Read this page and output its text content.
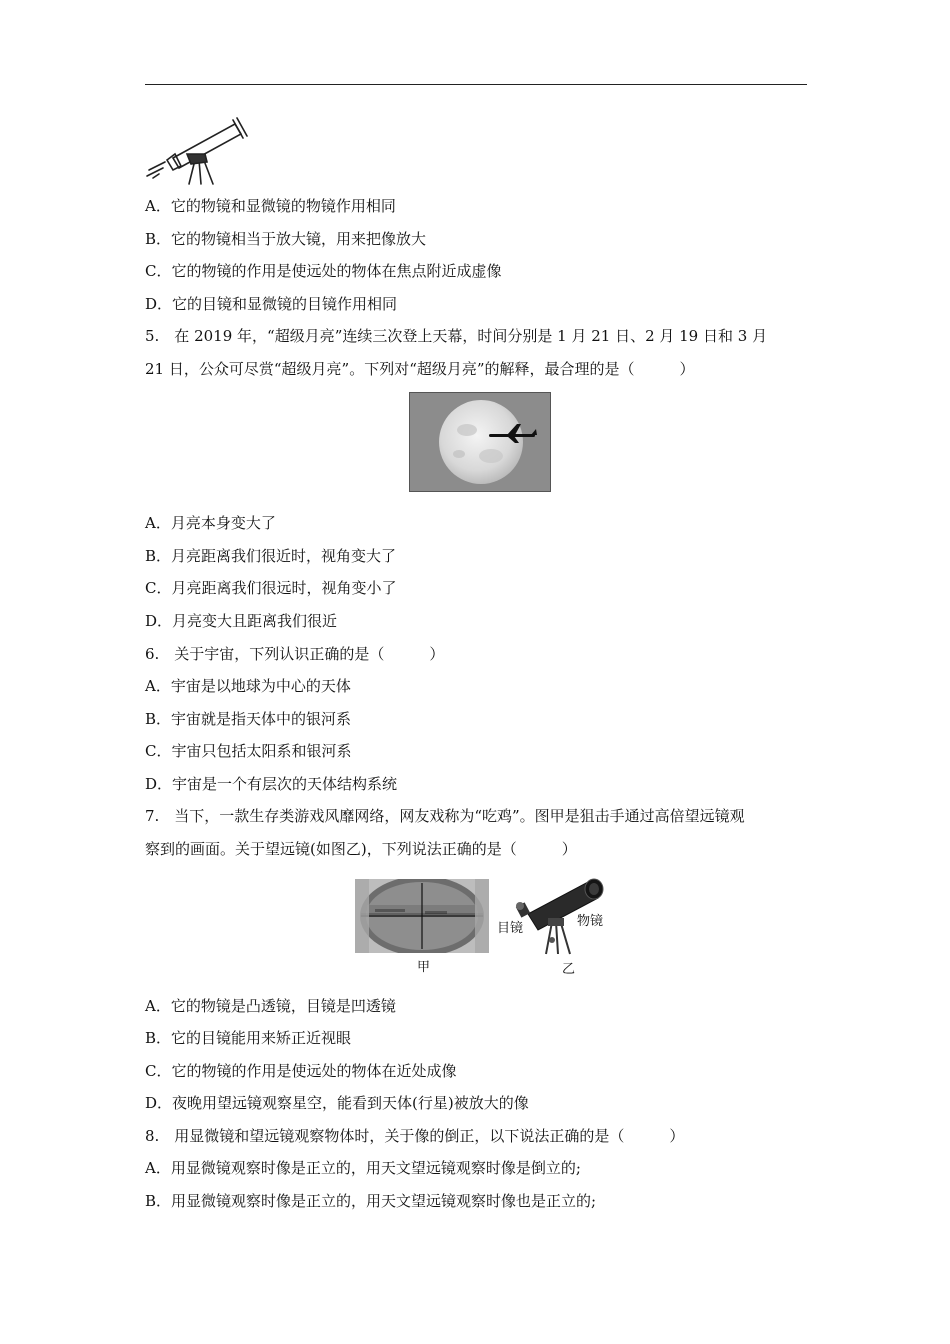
A．它的物镜和显微镜的物镜作用相同
B．它的物镜相当于放大镜，用来把像放大
C．它的物镜的作用是使远处的物体在焦点附近成虚像
D．它的目镜和显微镜的目镜作用相同
5.　在 2019 年，“超级月亮”连续三次登上天幕，时间分别是 1 月 21 日、2 月 19 日和 3 月
21 日，公众可尽赏“超级月亮”。下列对“超级月亮”的解释，最合理的是（　　　）
A．月亮本身变大了
B．月亮距离我们很近时，视角变大了
C．月亮距离我们很远时，视角变小了
D．月亮变大且距离我们很近
6.　关于宇宙，下列认识正确的是（　　　）
A．宇宙是以地球为中心的天体
B．宇宙就是指天体中的银河系
C．宇宙只包括太阳系和银河系
D．宇宙是一个有层次的天体结构系统
7.　当下，一款生存类游戏风靡网络，网友戏称为“吃鸡”。图甲是狙击手通过高倍望远镜观
察到的画面。关于望远镜(如图乙)，下列说法正确的是（　　　）
甲
目镜	物镜
乙
A．它的物镜是凸透镜，目镜是凹透镜
B．它的目镜能用来矫正近视眼
C．它的物镜的作用是使远处的物体在近处成像
D．夜晚用望远镜观察星空，能看到天体(行星)被放大的像
8.　用显微镜和望远镜观察物体时，关于像的倒正，以下说法正确的是（　　　）
A．用显微镜观察时像是正立的，用天文望远镜观察时像是倒立的;
B．用显微镜观察时像是正立的，用天文望远镜观察时像也是正立的;
